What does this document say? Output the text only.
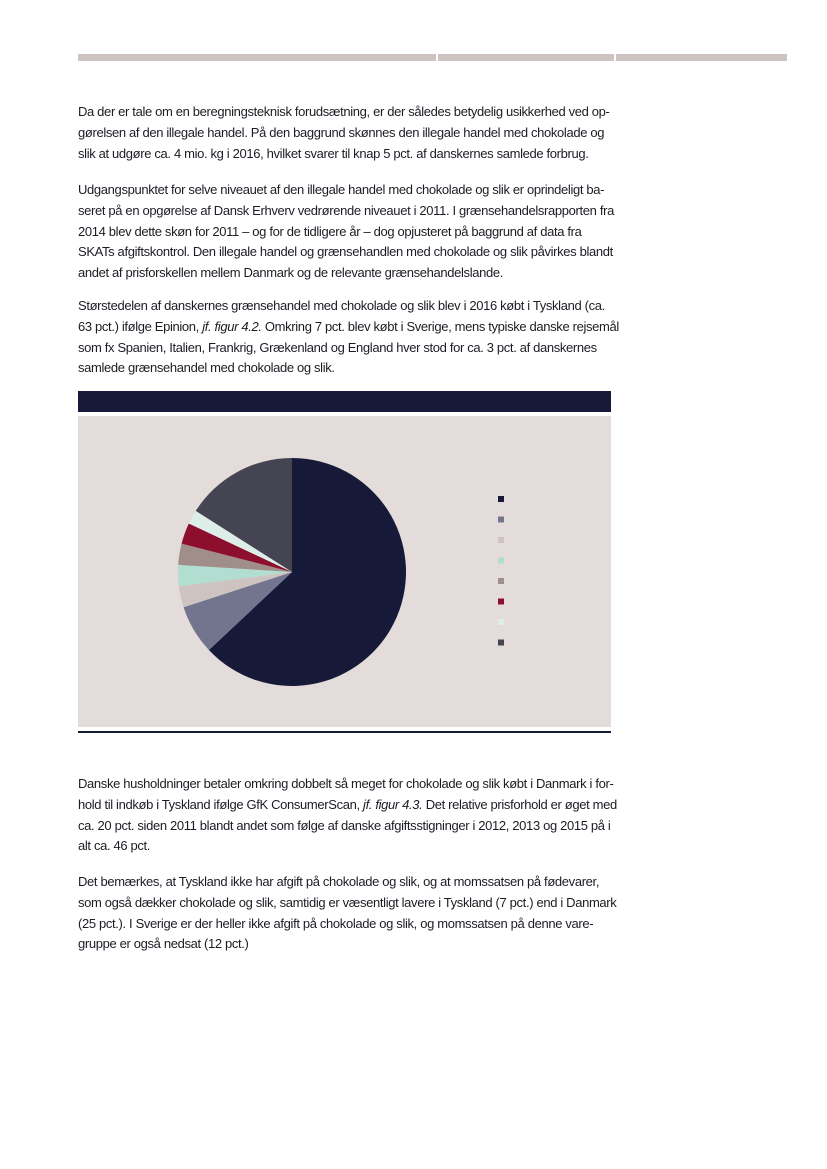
Da der er tale om en beregningsteknisk forudsætning, er der således betydelig usikkerhed ved op-
gørelsen af den illegale handel. På den baggrund skønnes den illegale handel med chokolade og
slik at udgøre ca. 4 mio. kg i 2016, hvilket svarer til knap 5 pct. af danskernes samlede forbrug.
Udgangspunktet for selve niveauet af den illegale handel med chokolade og slik er oprindeligt ba-
seret på en opgørelse af Dansk Erhverv vedrørende niveauet i 2011. I grænsehandelsrapporten fra
2014 blev dette skøn for 2011 – og for de tidligere år – dog opjusteret på baggrund af data fra
SKATs afgiftskontrol. Den illegale handel og grænsehandlen med chokolade og slik påvirkes blandt
andet af prisforskellen mellem Danmark og de relevante grænsehandelslande.
Størstedelen af danskernes grænsehandel med chokolade og slik blev i 2016 købt i Tyskland (ca.
63 pct.) ifølge Epinion, jf. figur 4.2. Omkring 7 pct. blev købt i Sverige, mens typiske danske rejsemål
som fx Spanien, Italien, Frankrig, Grækenland og England hver stod for ca. 3 pct. af danskernes
samlede grænsehandel med chokolade og slik.
Danske husholdninger betaler omkring dobbelt så meget for chokolade og slik købt i Danmark i for-
hold til indkøb i Tyskland ifølge GfK ConsumerScan, jf. figur 4.3. Det relative prisforhold er øget med
ca. 20 pct. siden 2011 blandt andet som følge af danske afgiftsstigninger i 2012, 2013 og 2015 på i
alt ca. 46 pct.
Det bemærkes, at Tyskland ikke har afgift på chokolade og slik, og at momssatsen på fødevarer,
som også dækker chokolade og slik, samtidig er væsentligt lavere i Tyskland (7 pct.) end i Danmark
(25 pct.). I Sverige er der heller ikke afgift på chokolade og slik, og momssatsen på denne vare-
gruppe er også nedsat (12 pct.)
